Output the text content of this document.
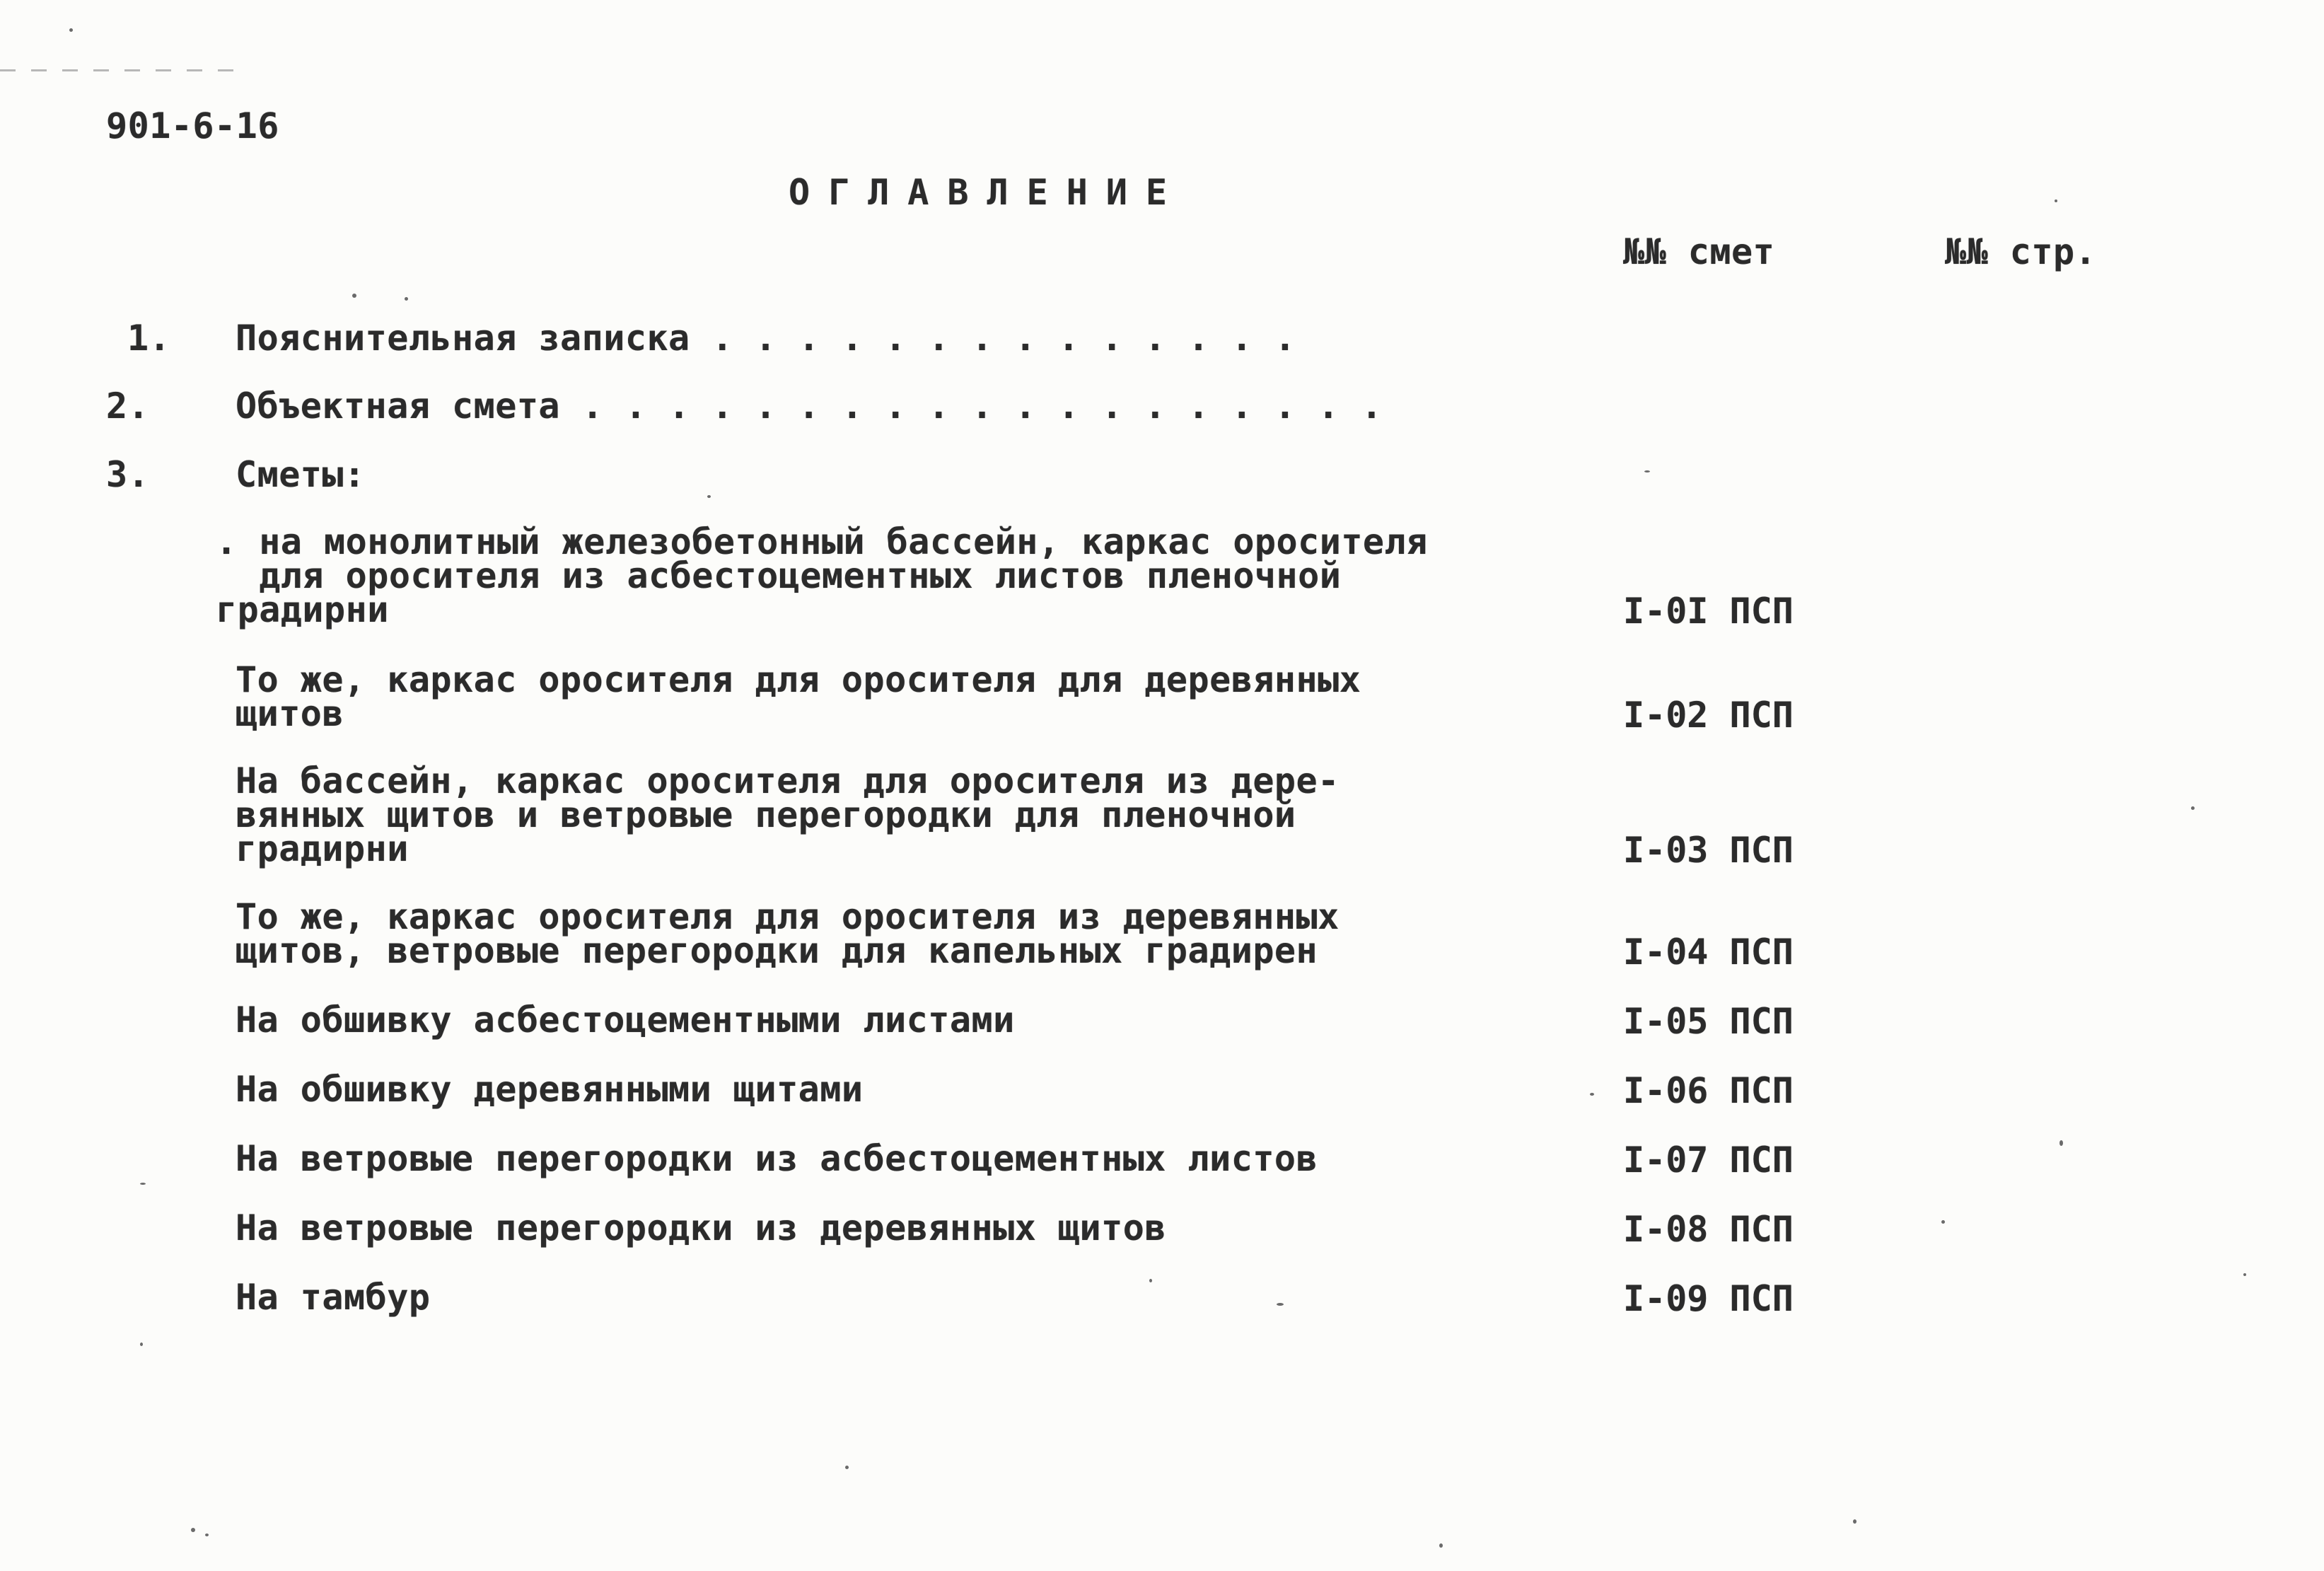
901-6-16
ОГЛАВЛЕНИЕ
№№ смет	№№ стр.
1. Пояснительная записка . . . . . . . . . . . . . .
2. Объектная смета . . . . . . . . . . . . . . . . . . .
3. Сметы:
. на монолитный железобетонный бассейн, каркас оросителя
для оросителя из асбестоцементных листов пленочной
градирни	I-0I ПСП
То же, каркас оросителя для оросителя для деревянных
щитов	I-02 ПСП
На бассейн, каркас оросителя для оросителя из дере-
вянных щитов и ветровые перегородки для пленочной
градирни	I-03 ПСП
То же, каркас оросителя для оросителя из деревянных
щитов, ветровые перегородки для капельных градирен	I-04 ПСП
На обшивку асбестоцементными листами	I-05 ПСП
На обшивку деревянными щитами	I-06 ПСП
На ветровые перегородки из асбестоцементных листов	I-07 ПСП
На ветровые перегородки из деревянных щитов	I-08 ПСП
На тамбур	I-09 ПСП
